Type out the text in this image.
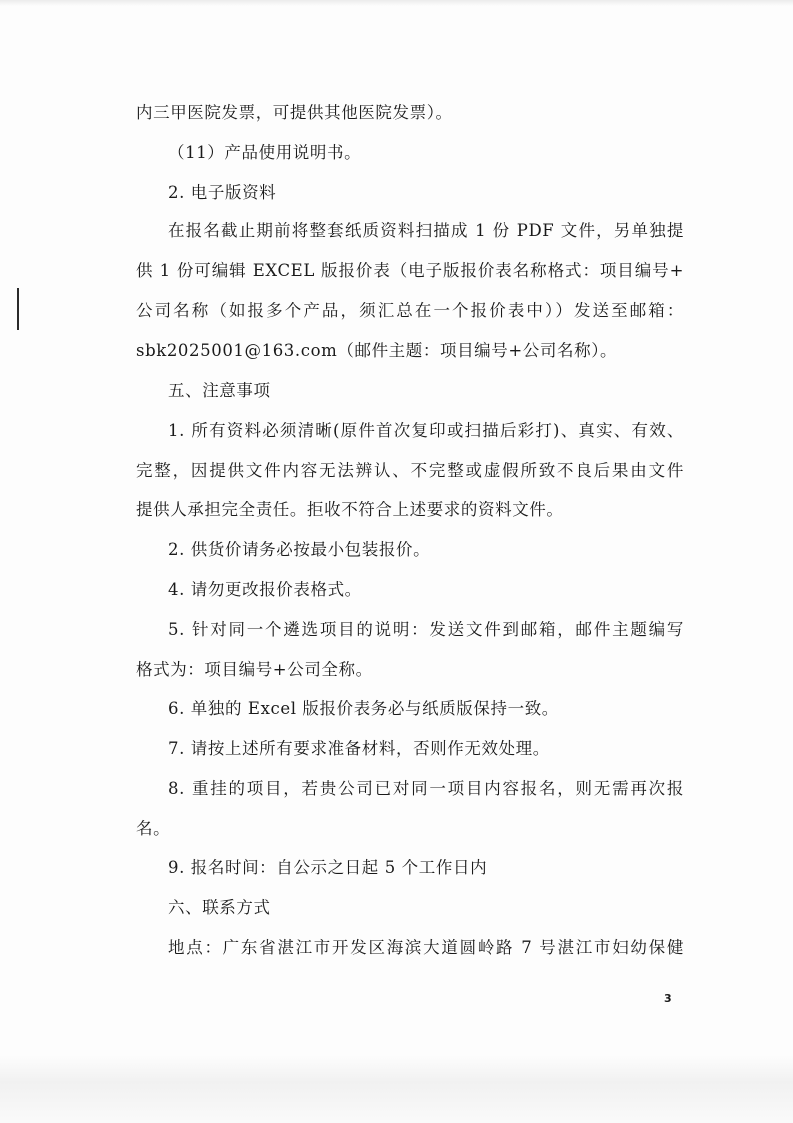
内三甲医院发票，可提供其他医院发票）。
（11）产品使用说明书。
2. 电子版资料
在报名截止期前将整套纸质资料扫描成 1 份 PDF 文件，另单独提
供 1 份可编辑 EXCEL 版报价表（电子版报价表名称格式：项目编号+
公司名称（如报多个产品，须汇总在一个报价表中））发送至邮箱：
sbk2025001@163.com（邮件主题：项目编号+公司名称）。
五、注意事项
1. 所有资料必须清晰(原件首次复印或扫描后彩打)、真实、有效、
完整，因提供文件内容无法辨认、不完整或虚假所致不良后果由文件
提供人承担完全责任。拒收不符合上述要求的资料文件。
2. 供货价请务必按最小包装报价。
4. 请勿更改报价表格式。
5. 针对同一个遴选项目的说明：发送文件到邮箱，邮件主题编写
格式为：项目编号+公司全称。
6. 单独的 Excel 版报价表务必与纸质版保持一致。
7. 请按上述所有要求准备材料，否则作无效处理。
8. 重挂的项目，若贵公司已对同一项目内容报名，则无需再次报
名。
9. 报名时间：自公示之日起 5 个工作日内
六、联系方式
地点：广东省湛江市开发区海滨大道圆岭路 7 号湛江市妇幼保健
3
